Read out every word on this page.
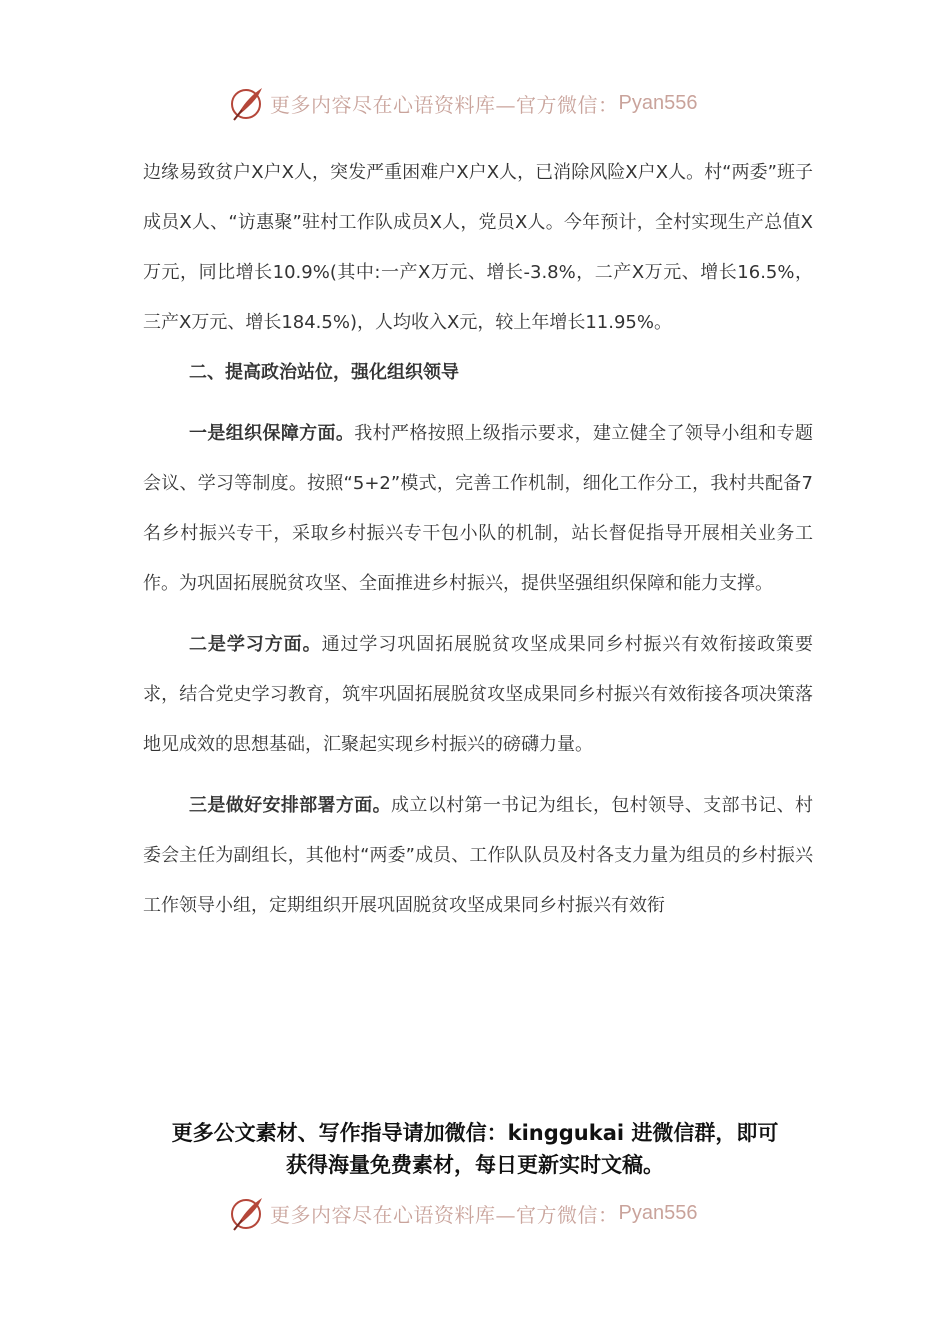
更多内容尽在心语资料库—官方微信： Pyan556

边缘易致贫户X户X人，突发严重困难户X户X人，已消除风险X户X人。村“两委”班子成员X人、“访惠聚”驻村工作队成员X人，党员X人。今年预计，全村实现生产总值X万元，同比增长10.9%(其中:一产X万元、增长-3.8%，二产X万元、增长16.5%，三产X万元、增长184.5%)，人均收入X元，较上年增长11.95%。

二、提高政治站位，强化组织领导

一是组织保障方面。我村严格按照上级指示要求，建立健全了领导小组和专题会议、学习等制度。按照“5+2”模式，完善工作机制，细化工作分工，我村共配备7名乡村振兴专干，采取乡村振兴专干包小队的机制，站长督促指导开展相关业务工作。为巩固拓展脱贫攻坚、全面推进乡村振兴，提供坚强组织保障和能力支撑。

二是学习方面。通过学习巩固拓展脱贫攻坚成果同乡村振兴有效衔接政策要求，结合党史学习教育，筑牢巩固拓展脱贫攻坚成果同乡村振兴有效衔接各项决策落地见成效的思想基础，汇聚起实现乡村振兴的磅礴力量。

三是做好安排部署方面。成立以村第一书记为组长，包村领导、支部书记、村委会主任为副组长，其他村“两委”成员、工作队队员及村各支力量为组员的乡村振兴工作领导小组，定期组织开展巩固脱贫攻坚成果同乡村振兴有效衔

更多公文素材、写作指导请加微信：kinggukai 进微信群，即可
获得海量免费素材，每日更新实时文稿。
更多内容尽在心语资料库—官方微信： Pyan556
